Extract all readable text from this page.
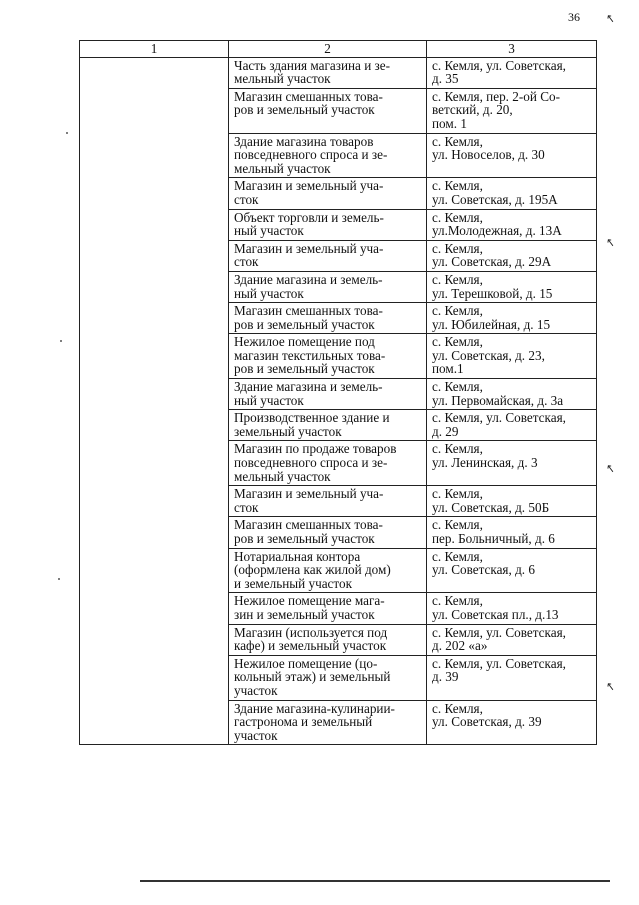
36 ↖
↖
↖
↖
1	2	3
	Часть здания магазина и зе-
мельный участок	с. Кемля, ул. Советская,
д. 35
	Магазин смешанных това-
ров и земельный участок	с. Кемля, пер. 2-ой Со-
ветский, д. 20,
пом. 1
	Здание магазина товаров
повседневного спроса и зе-
мельный участок	с. Кемля,
ул. Новоселов, д. 30
	Магазин и земельный уча-
сток	с. Кемля,
ул. Советская, д. 195А
	Объект торговли и земель-
ный участок	с. Кемля,
ул.Молодежная, д. 13А
	Магазин и земельный уча-
сток	с. Кемля,
ул. Советская, д. 29А
	Здание магазина и земель-
ный участок	с. Кемля,
ул. Терешковой, д. 15
	Магазин смешанных това-
ров и земельный участок	с. Кемля,
ул. Юбилейная, д. 15
	Нежилое помещение под
магазин текстильных това-
ров и земельный участок	с. Кемля,
ул. Советская, д. 23,
пом.1
	Здание магазина и земель-
ный участок	с. Кемля,
ул. Первомайская, д. 3а
	Производственное здание и
земельный участок	с. Кемля, ул. Советская,
д. 29
	Магазин по продаже товаров
повседневного спроса и зе-
мельный участок	с. Кемля,
ул. Ленинская, д. 3
	Магазин и земельный уча-
сток	с. Кемля,
ул. Советская, д. 50Б
	Магазин смешанных това-
ров и земельный участок	с. Кемля,
пер. Больничный, д. 6
	Нотариальная контора
(оформлена как жилой дом)
и земельный участок	с. Кемля,
ул. Советская, д. 6
	Нежилое помещение мага-
зин и земельный участок	с. Кемля,
ул. Советская пл., д.13
	Магазин (используется под
кафе) и земельный участок	с. Кемля, ул. Советская,
д. 202 «а»
	Нежилое помещение (цо-
кольный этаж) и земельный
участок	с. Кемля, ул. Советская,
д. 39
	Здание магазина-кулинарии-
гастронома и земельный
участок	с. Кемля,
ул. Советская, д. 39
